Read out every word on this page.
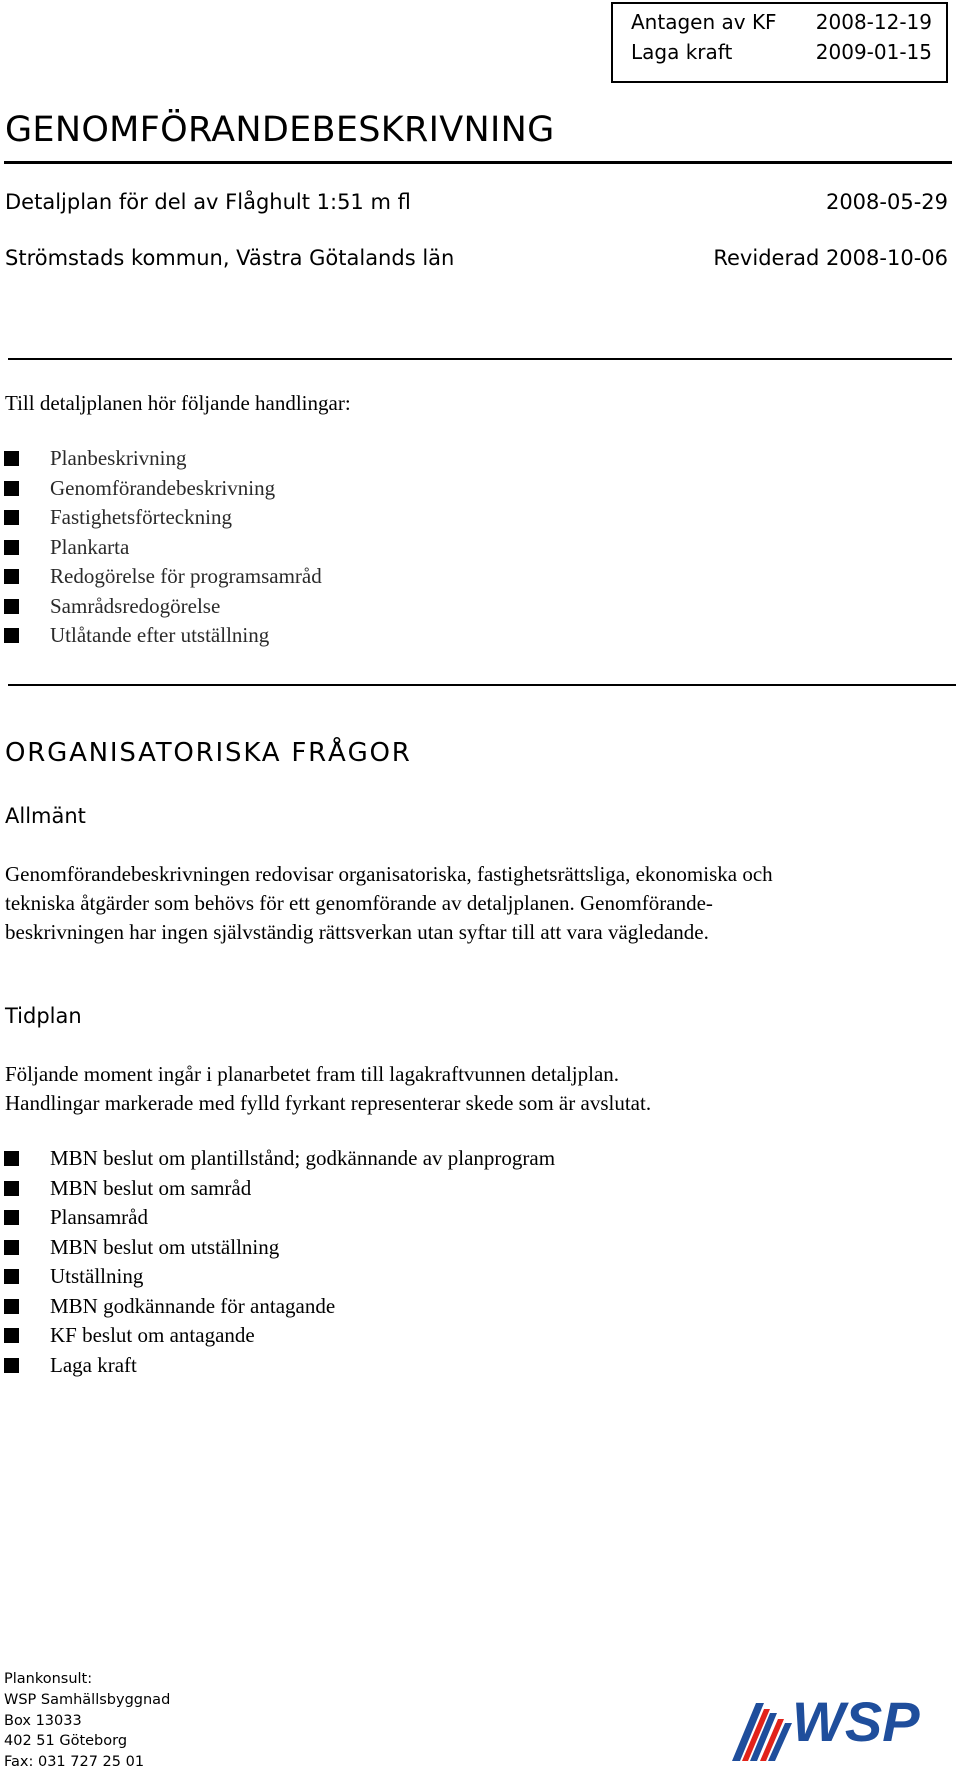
Antagen av KF 2008-12-19
Laga kraft	2009-01-15
GENOMFÖRANDEBESKRIVNING
Detaljplan för del av Flåghult 1:51 m fl	2008-05-29
Strömstads kommun, Västra Götalands län	Reviderad 2008-10-06
Till detaljplanen hör följande handlingar:
Planbeskrivning
Genomförandebeskrivning
Fastighetsförteckning
Plankarta
Redogörelse för programsamråd
Samrådsredogörelse
Utlåtande efter utställning
ORGANISATORISKA FRÅGOR
Allmänt
Genomförandebeskrivningen redovisar organisatoriska, fastighetsrättsliga, ekonomiska och
tekniska åtgärder som behövs för ett genomförande av detaljplanen. Genomförande-
beskrivningen har ingen självständig rättsverkan utan syftar till att vara vägledande.
Tidplan
Följande moment ingår i planarbetet fram till lagakraftvunnen detaljplan.
Handlingar markerade med fylld fyrkant representerar skede som är avslutat.
MBN beslut om plantillstånd; godkännande av planprogram
MBN beslut om samråd
Plansamråd
MBN beslut om utställning
Utställning
MBN godkännande för antagande
KF beslut om antagande
Laga kraft
Plankonsult:
WSP Samhällsbyggnad
Box 13033
402 51 Göteborg
Fax: 031 727 25 01
WSP
